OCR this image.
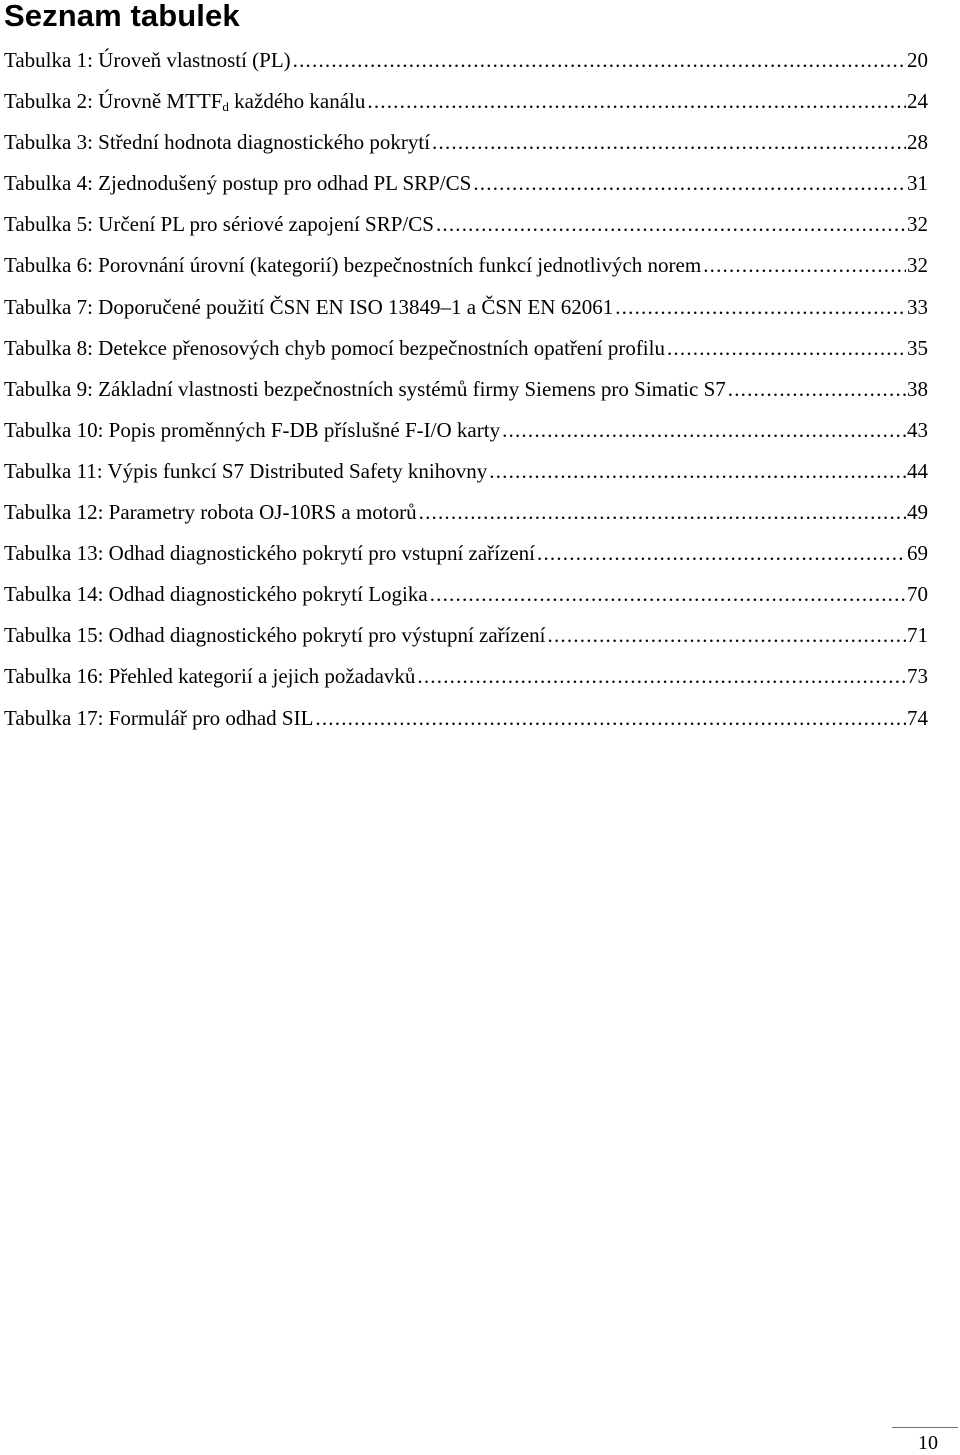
Seznam tabulek
Tabulka 1: Úroveň vlastností (PL) .....	20
Tabulka 2: Úrovně $MTTF_d$ každého kanálu .....	24
Tabulka 3: Střední hodnota diagnostického pokrytí .....	28
Tabulka 4: Zjednodušený postup pro odhad PL SRP/CS .....	31
Tabulka 5: Určení PL pro sériové zapojení SRP/CS .....	32
Tabulka 6: Porovnání úrovní (kategorií) bezpečnostních funkcí jednotlivých norem .....	32
Tabulka 7: Doporučené použití ČSN EN ISO 13849–1 a ČSN EN 62061 .....	33
Tabulka 8: Detekce přenosových chyb pomocí bezpečnostních opatření profilu .....	35
Tabulka 9: Základní vlastnosti bezpečnostních systémů firmy Siemens pro Simatic S7 .....	38
Tabulka 10: Popis proměnných F-DB příslušné F-I/O karty .....	43
Tabulka 11: Výpis funkcí S7 Distributed Safety knihovny .....	44
Tabulka 12: Parametry robota OJ-10RS a motorů .....	49
Tabulka 13: Odhad diagnostického pokrytí pro vstupní zařízení .....	69
Tabulka 14: Odhad diagnostického pokrytí Logika .....	70
Tabulka 15: Odhad diagnostického pokrytí pro výstupní zařízení .....	71
Tabulka 16: Přehled kategorií a jejich požadavků .....	73
Tabulka 17: Formulář pro odhad SIL .....	74
10
